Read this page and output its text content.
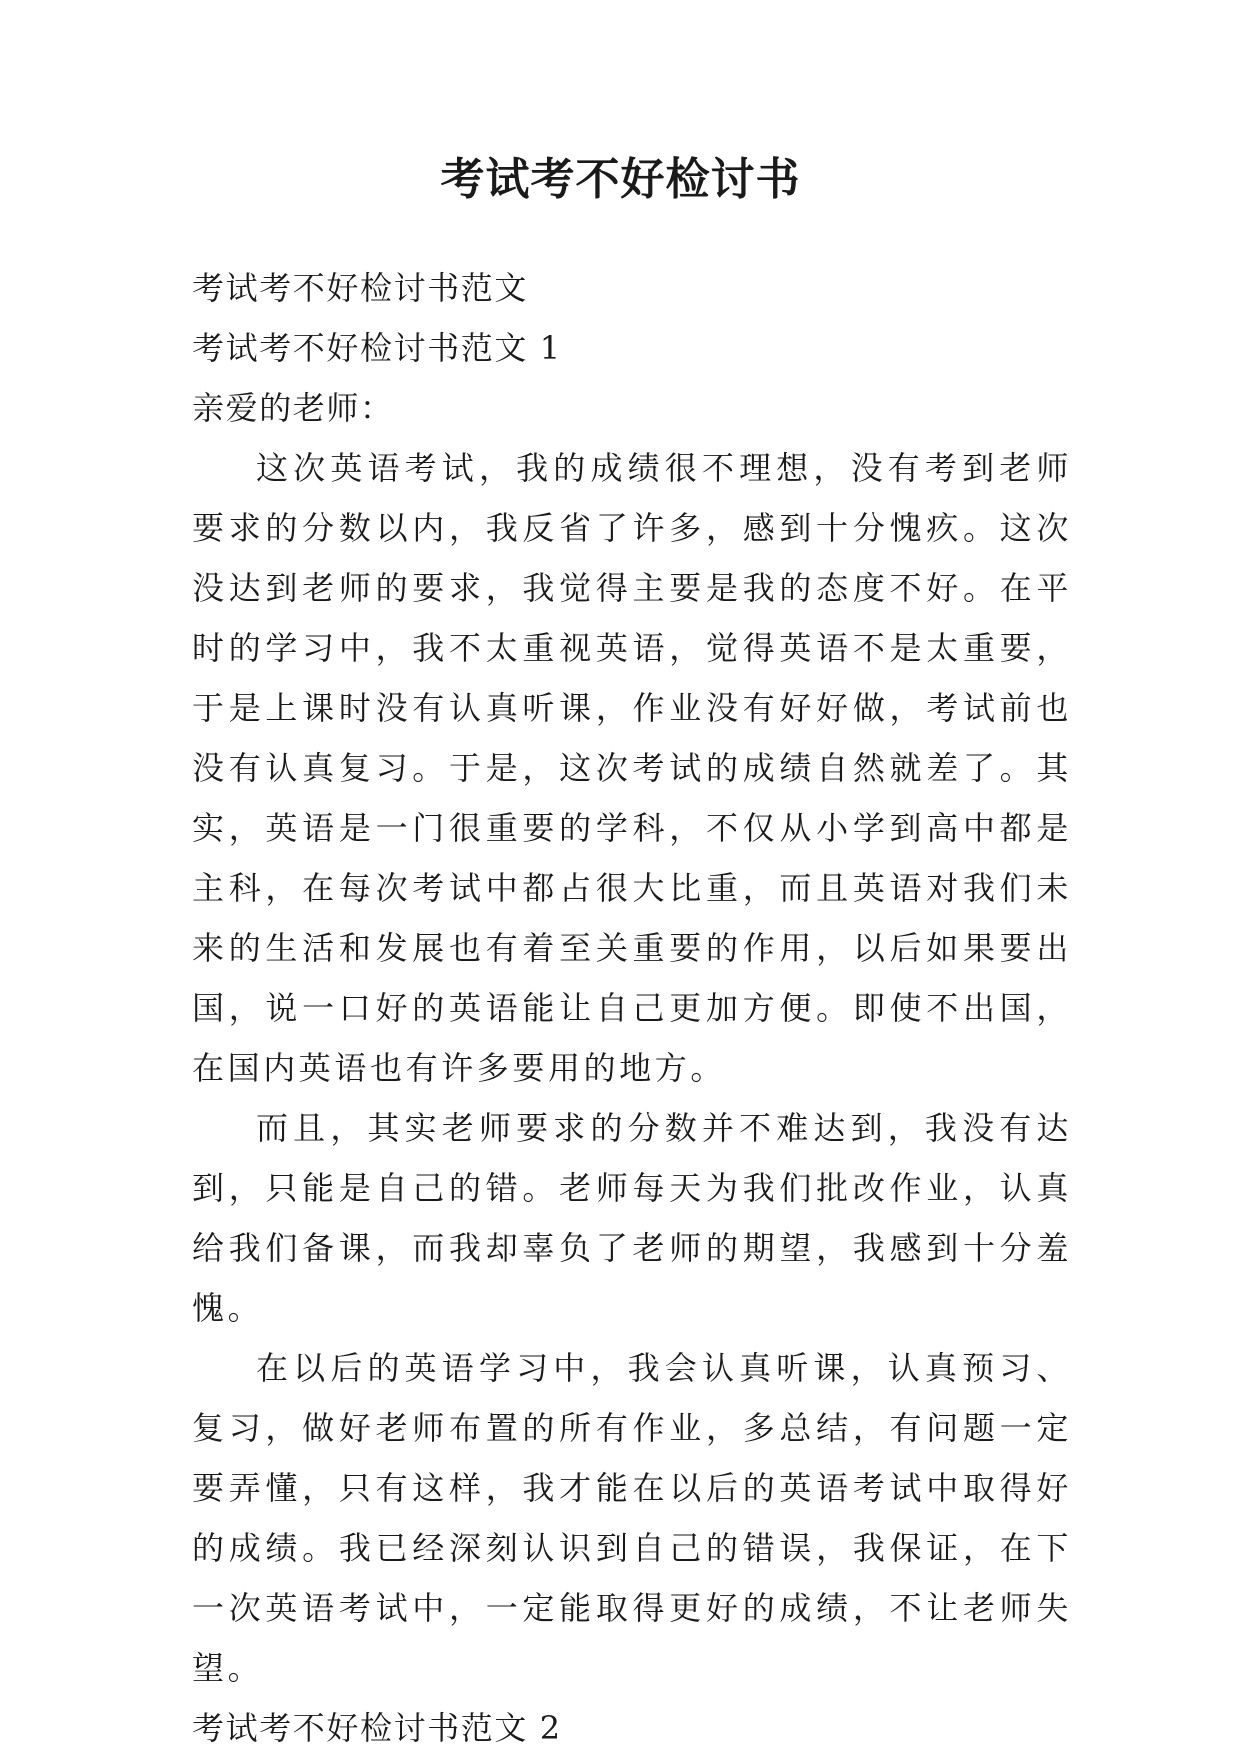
考试考不好检讨书
考试考不好检讨书范文
考试考不好检讨书范文 1
亲爱的老师：

这次英语考试，我的成绩很不理想，没有考到老师要求的分数以内，我反省了许多，感到十分愧疚。这次没达到老师的要求，我觉得主要是我的态度不好。在平时的学习中，我不太重视英语，觉得英语不是太重要，于是上课时没有认真听课，作业没有好好做，考试前也没有认真复习。于是，这次考试的成绩自然就差了。其实，英语是一门很重要的学科，不仅从小学到高中都是主科，在每次考试中都占很大比重，而且英语对我们未来的生活和发展也有着至关重要的作用，以后如果要出国，说一口好的英语能让自己更加方便。即使不出国，在国内英语也有许多要用的地方。

而且，其实老师要求的分数并不难达到，我没有达到，只能是自己的错。老师每天为我们批改作业，认真给我们备课，而我却辜负了老师的期望，我感到十分羞愧。

在以后的英语学习中，我会认真听课，认真预习、复习，做好老师布置的所有作业，多总结，有问题一定要弄懂，只有这样，我才能在以后的英语考试中取得好的成绩。我已经深刻认识到自己的错误，我保证，在下一次英语考试中，一定能取得更好的成绩，不让老师失望。

考试考不好检讨书范文 2
